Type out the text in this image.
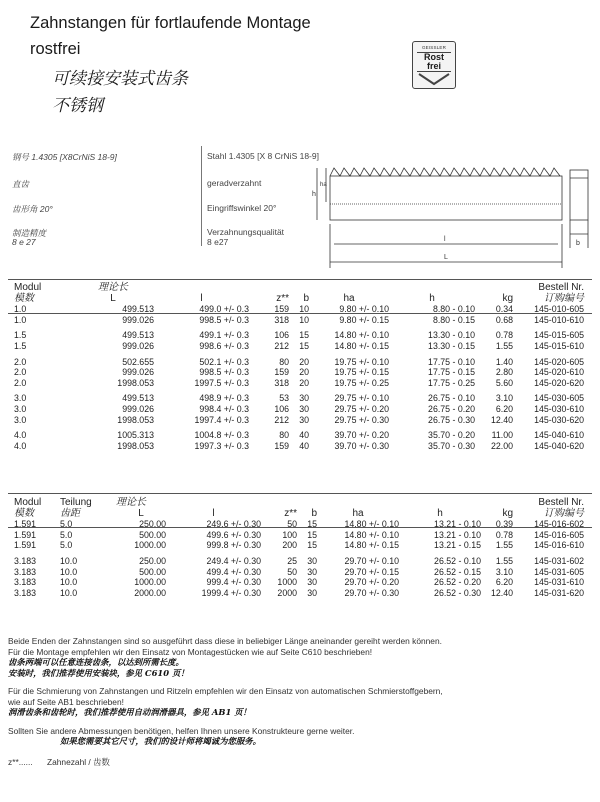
Zahnstangen für fortlaufende Montage
rostfrei
可续接安装式齿条
不锈钢
GEISSLER
Rost frei
钢号 1.4305 [X8CrNiS 18-9]	Stahl 1.4305 [X 8 CrNiS 18-9]
直齿	geradverzahnt
齿形角 20°	Eingriffswinkel 20°
制造精度
8 e 27
Verzahnungsqualität
8 e27
h
ha
l
L
b
Modul	理论长							Bestell Nr.
模数	L	l	z**	b	ha	h	kg	订购编号
1.0	499.513	499.0 +/- 0.3	159	10	9.80 +/- 0.10	8.80 - 0.10	0.34	145-010-605
1.0	999.026	998.5 +/- 0.3	318	10	9.80 +/- 0.15	8.80 - 0.15	0.68	145-010-610

1.5	499.513	499.1 +/- 0.3	106	15	14.80 +/- 0.10	13.30 - 0.10	0.78	145-015-605
1.5	999.026	998.6 +/- 0.3	212	15	14.80 +/- 0.15	13.30 - 0.15	1.55	145-015-610

2.0	502.655	502.1 +/- 0.3	80	20	19.75 +/- 0.10	17.75 - 0.10	1.40	145-020-605
2.0	999.026	998.5 +/- 0.3	159	20	19.75 +/- 0.15	17.75 - 0.15	2.80	145-020-610
2.0	1998.053	1997.5 +/- 0.3	318	20	19.75 +/- 0.25	17.75 - 0.25	5.60	145-020-620

3.0	499.513	498.9 +/- 0.3	53	30	29.75 +/- 0.10	26.75 - 0.10	3.10	145-030-605
3.0	999.026	998.4 +/- 0.3	106	30	29.75 +/- 0.20	26.75 - 0.20	6.20	145-030-610
3.0	1998.053	1997.4 +/- 0.3	212	30	29.75 +/- 0.30	26.75 - 0.30	12.40	145-030-620

4.0	1005.313	1004.8 +/- 0.3	80	40	39.70 +/- 0.20	35.70 - 0.20	11.00	145-040-610
4.0	1998.053	1997.3 +/- 0.3	159	40	39.70 +/- 0.30	35.70 - 0.30	22.00	145-040-620
Modul	Teilung	理论长							Bestell Nr.
模数	齿距	L	l	z**	b	ha	h	kg	订购编号
1.591	5.0	250.00	249.6 +/- 0.30	50	15	14.80 +/- 0.10	13.21 - 0.10	0.39	145-016-602
1.591	5.0	500.00	499.6 +/- 0.30	100	15	14.80 +/- 0.10	13.21 - 0.10	0.78	145-016-605
1.591	5.0	1000.00	999.8 +/- 0.30	200	15	14.80 +/- 0.15	13.21 - 0.15	1.55	145-016-610

3.183	10.0	250.00	249.4 +/- 0.30	25	30	29.70 +/- 0.10	26.52 - 0.10	1.55	145-031-602
3.183	10.0	500.00	499.4 +/- 0.30	50	30	29.70 +/- 0.15	26.52 - 0.15	3.10	145-031-605
3.183	10.0	1000.00	999.4 +/- 0.30	1000	30	29.70 +/- 0.20	26.52 - 0.20	6.20	145-031-610
3.183	10.0	2000.00	1999.4 +/- 0.30	2000	30	29.70 +/- 0.30	26.52 - 0.30	12.40	145-031-620
Beide Enden der Zahnstangen sind so ausgeführt dass diese in beliebiger Länge aneinander gereiht werden können.
Für die Montage empfehlen wir den Einsatz von Montagestücken wie auf Seite C610 beschrieben!
齿条两端可以任意连接齿条，以达到所需长度。
安装时，我们推荐使用安装块，参见 C610 页！
Für die Schmierung von Zahnstangen und Ritzeln empfehlen wir den Einsatz von automatischen Schmierstoffgebern,
wie auf Seite AB1 beschrieben!
润滑齿条和齿轮时，我们推荐使用自动润滑器具，参见 AB1 页！
Sollten Sie andere Abmessungen benötigen, helfen Ihnen unsere Konstrukteure gerne weiter.
如果您需要其它尺寸，我们的设计师将竭诚为您服务。
z**...... Zahnezahl / 齿数
